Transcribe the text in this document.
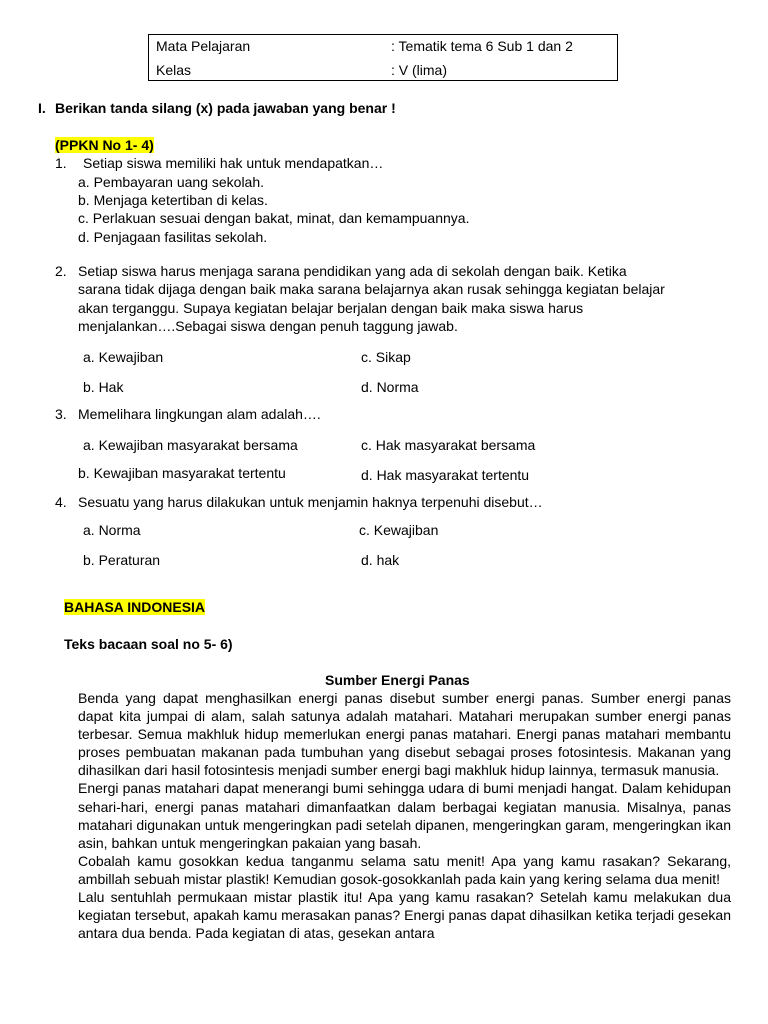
Mata Pelajaran	: Tematik tema 6 Sub 1 dan 2
Kelas	: V (lima)
I. Berikan tanda silang (x) pada jawaban yang benar !
(PPKN No 1- 4)
1. Setiap siswa memiliki hak untuk mendapatkan…
a. Pembayaran uang sekolah.
b. Menjaga ketertiban di kelas.
c. Perlakuan sesuai dengan bakat, minat, dan kemampuannya.
d. Penjagaan fasilitas sekolah.
2. Setiap siswa harus menjaga sarana pendidikan yang ada di sekolah dengan baik. Ketika
sarana tidak dijaga dengan baik maka sarana belajarnya akan rusak sehingga kegiatan belajar
akan terganggu. Supaya kegiatan belajar berjalan dengan baik maka siswa harus
menjalankan….Sebagai siswa dengan penuh taggung jawab.
a. Kewajiban
b. Hak
c. Sikap
d. Norma
3. Memelihara lingkungan alam adalah….
a. Kewajiban masyarakat bersama
b. Kewajiban masyarakat tertentu
c. Hak masyarakat bersama
d. Hak masyarakat tertentu
4. Sesuatu yang harus dilakukan untuk menjamin haknya terpenuhi disebut…
a. Norma
b. Peraturan
c. Kewajiban
d. hak
BAHASA INDONESIA
Teks bacaan soal no 5- 6)
Sumber Energi Panas

Benda yang dapat menghasilkan energi panas disebut sumber energi panas. Sumber energi panas dapat kita jumpai di alam, salah satunya adalah matahari. Matahari merupakan sumber energi panas terbesar. Semua makhluk hidup memerlukan energi panas matahari. Energi panas matahari membantu proses pembuatan makanan pada tumbuhan yang disebut sebagai proses fotosintesis. Makanan yang dihasilkan dari hasil fotosintesis menjadi sumber energi bagi makhluk hidup lainnya, termasuk manusia.

Energi panas matahari dapat menerangi bumi sehingga udara di bumi menjadi hangat. Dalam kehidupan sehari-hari, energi panas matahari dimanfaatkan dalam berbagai kegiatan manusia. Misalnya, panas matahari digunakan untuk mengeringkan padi setelah dipanen, mengeringkan garam, mengeringkan ikan asin, bahkan untuk mengeringkan pakaian yang basah.

Cobalah kamu gosokkan kedua tanganmu selama satu menit! Apa yang kamu rasakan? Sekarang, ambillah sebuah mistar plastik! Kemudian gosok-gosokkanlah pada kain yang kering selama dua menit!

Lalu sentuhlah permukaan mistar plastik itu! Apa yang kamu rasakan? Setelah kamu melakukan dua kegiatan tersebut, apakah kamu merasakan panas? Energi panas dapat dihasilkan ketika terjadi gesekan antara dua benda. Pada kegiatan di atas, gesekan antara
